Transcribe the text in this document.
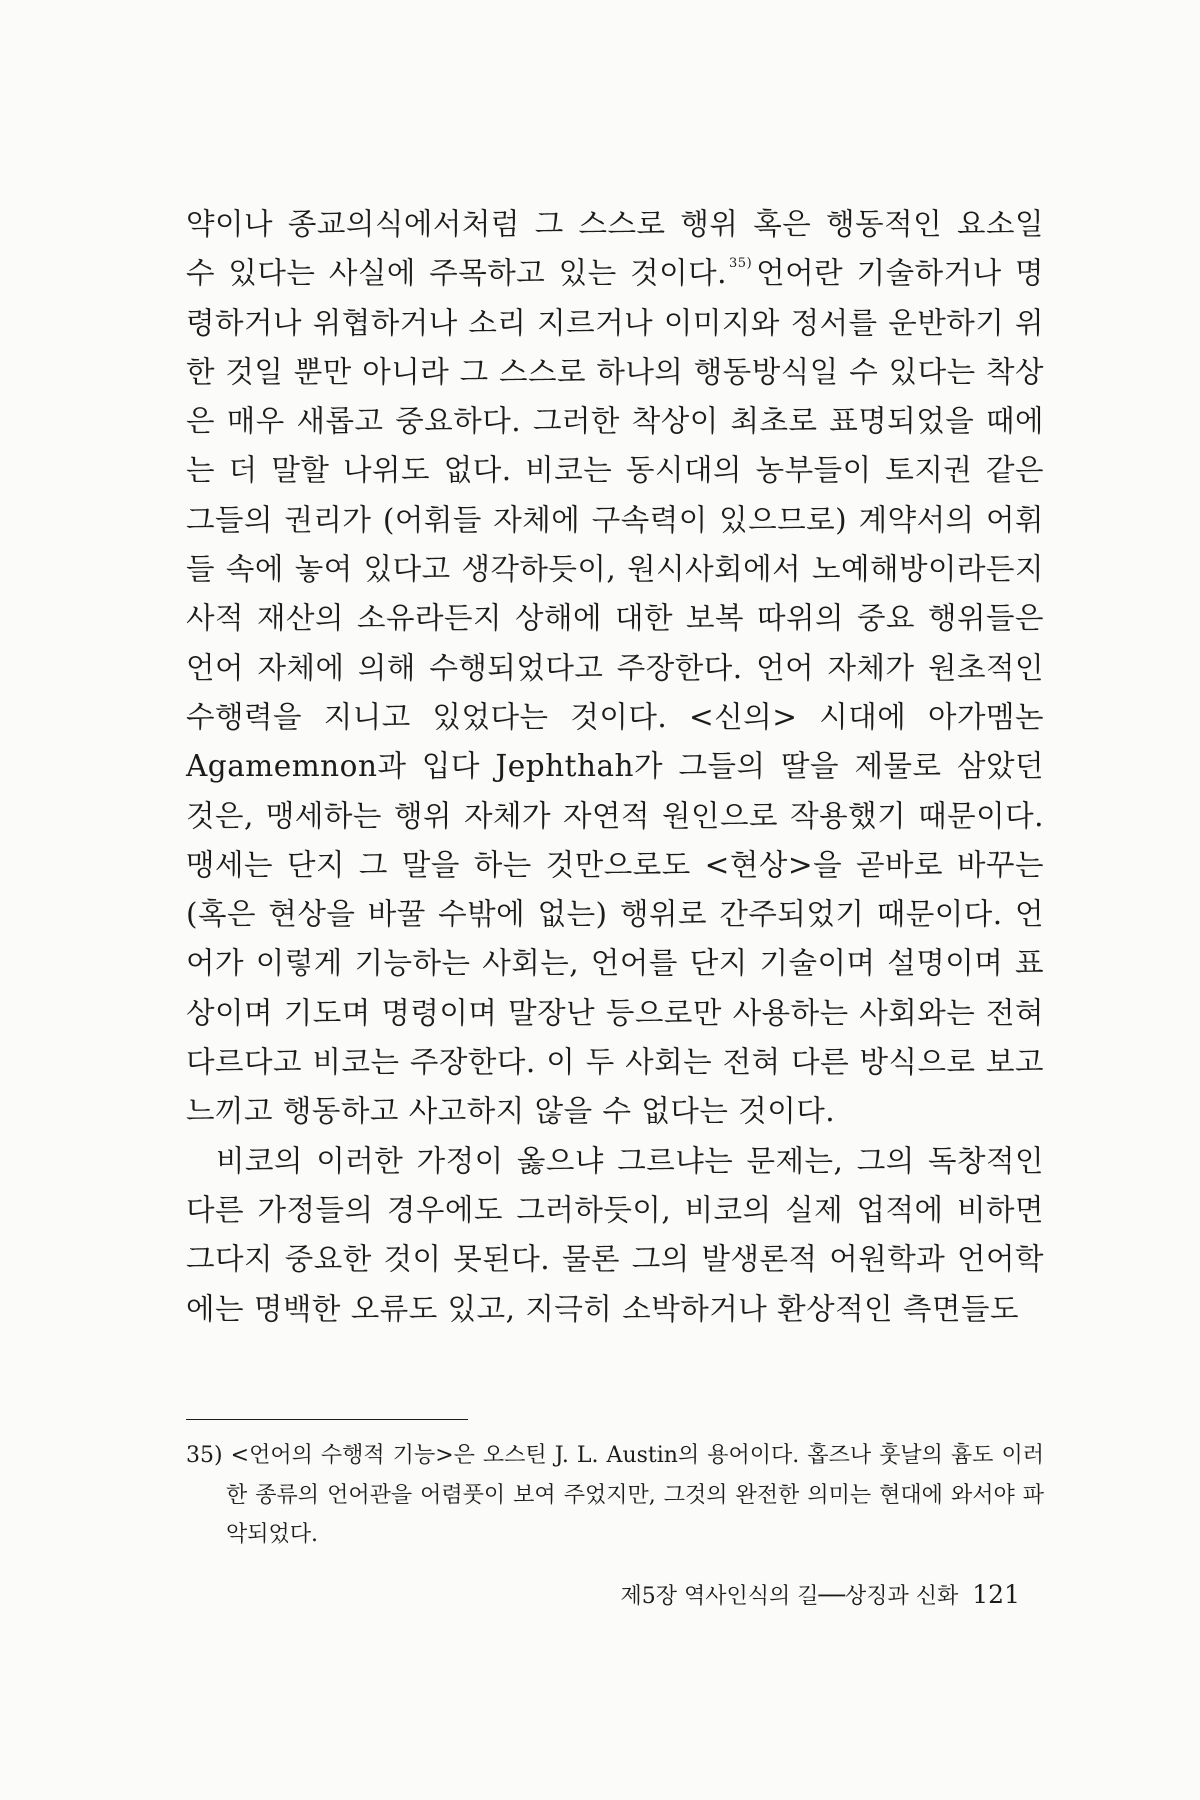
약이나 종교의식에서처럼 그 스스로 행위 혹은 행동적인 요소일 수 있다는 사실에 주목하고 있는 것이다. $^{35)}$ 언어란 기술하거나 명령하거나 위협하거나 소리 지르거나 이미지와 정서를 운반하기 위한 것일 뿐만 아니라 그 스스로 하나의 행동방식일 수 있다는 착상은 매우 새롭고 중요하다. 그러한 착상이 최초로 표명되었을 때에는 더 말할 나위도 없다. 비코는 동시대의 농부들이 토지권 같은 그들의 권리가 (어휘들 자체에 구속력이 있으므로) 계약서의 어휘들 속에 놓여 있다고 생각하듯이, 원시사회에서 노예해방이라든지 사적 재산의 소유라든지 상해에 대한 보복 따위의 중요 행위들은 언어 자체에 의해 수행되었다고 주장한다. 언어 자체가 원초적인 수행력을 지니고 있었다는 것이다. <신의> 시대에 아가멤논 Agamemnon과 입다 Jephthah가 그들의 딸을 제물로 삼았던 것은, 맹세하는 행위 자체가 자연적 원인으로 작용했기 때문이다. 맹세는 단지 그 말을 하는 것만으로도 <현상>을 곧바로 바꾸는 (혹은 현상을 바꿀 수밖에 없는) 행위로 간주되었기 때문이다. 언어가 이렇게 기능하는 사회는, 언어를 단지 기술이며 설명이며 표상이며 기도며 명령이며 말장난 등으로만 사용하는 사회와는 전혀 다르다고 비코는 주장한다. 이 두 사회는 전혀 다른 방식으로 보고 느끼고 행동하고 사고하지 않을 수 없다는 것이다.

비코의 이러한 가정이 옳으냐 그르냐는 문제는, 그의 독창적인 다른 가정들의 경우에도 그러하듯이, 비코의 실제 업적에 비하면 그다지 중요한 것이 못된다. 물론 그의 발생론적 어원학과 언어학에는 명백한 오류도 있고, 지극히 소박하거나 환상적인 측면들도

35) <언어의 수행적 기능>은 오스틴 J. L. Austin의 용어이다. 홉즈나 훗날의 흄도 이러한 종류의 언어관을 어렴풋이 보여 주었지만, 그것의 완전한 의미는 현대에 와서야 파악되었다.
제5장 역사인식의 길──상징과 신화 121
